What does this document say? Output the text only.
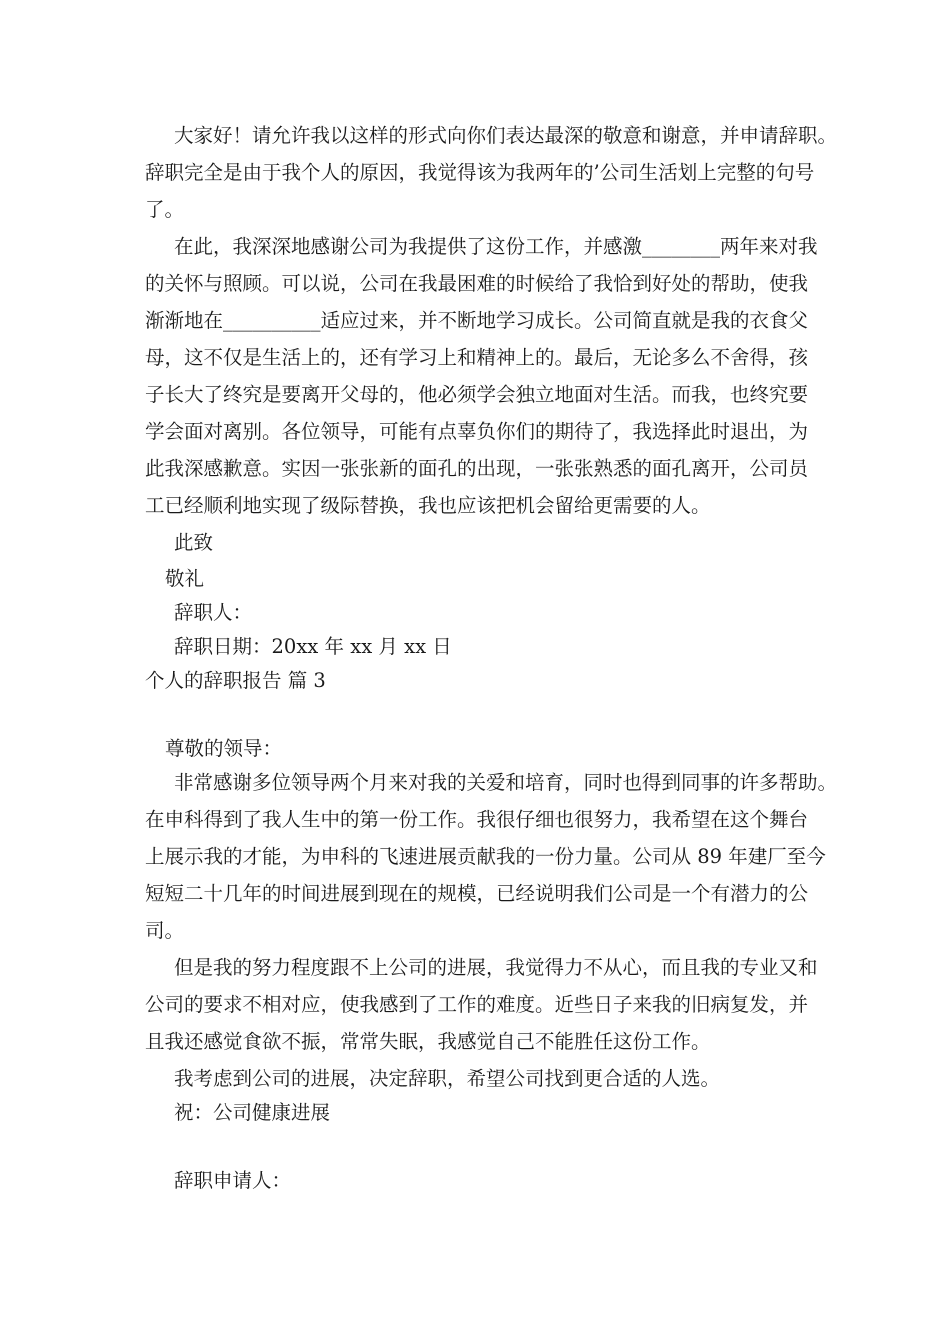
大家好！请允许我以这样的形式向你们表达最深的敬意和谢意，并申请辞职。
辞职完全是由于我个人的原因，我觉得该为我两年的’公司生活划上完整的句号
了。
在此，我深深地感谢公司为我提供了这份工作，并感激________两年来对我
的关怀与照顾。可以说，公司在我最困难的时候给了我恰到好处的帮助，使我
渐渐地在__________适应过来，并不断地学习成长。公司简直就是我的衣食父
母，这不仅是生活上的，还有学习上和精神上的。最后，无论多么不舍得，孩
子长大了终究是要离开父母的，他必须学会独立地面对生活。而我，也终究要
学会面对离别。各位领导，可能有点辜负你们的期待了，我选择此时退出，为
此我深感歉意。实因一张张新的面孔的出现，一张张熟悉的面孔离开，公司员
工已经顺利地实现了级际替换，我也应该把机会留给更需要的人。
此致
敬礼
辞职人：
辞职日期：20xx 年 xx 月 xx 日
个人的辞职报告 篇 3
尊敬的领导：
非常感谢多位领导两个月来对我的关爱和培育，同时也得到同事的许多帮助。
在申科得到了我人生中的第一份工作。我很仔细也很努力，我希望在这个舞台
上展示我的才能，为申科的飞速进展贡献我的一份力量。公司从 89 年建厂至今
短短二十几年的时间进展到现在的规模，已经说明我们公司是一个有潜力的公
司。
但是我的努力程度跟不上公司的进展，我觉得力不从心，而且我的专业又和
公司的要求不相对应，使我感到了工作的难度。近些日子来我的旧病复发，并
且我还感觉食欲不振，常常失眠，我感觉自己不能胜任这份工作。
我考虑到公司的进展，决定辞职，希望公司找到更合适的人选。
祝：公司健康进展
辞职申请人：
